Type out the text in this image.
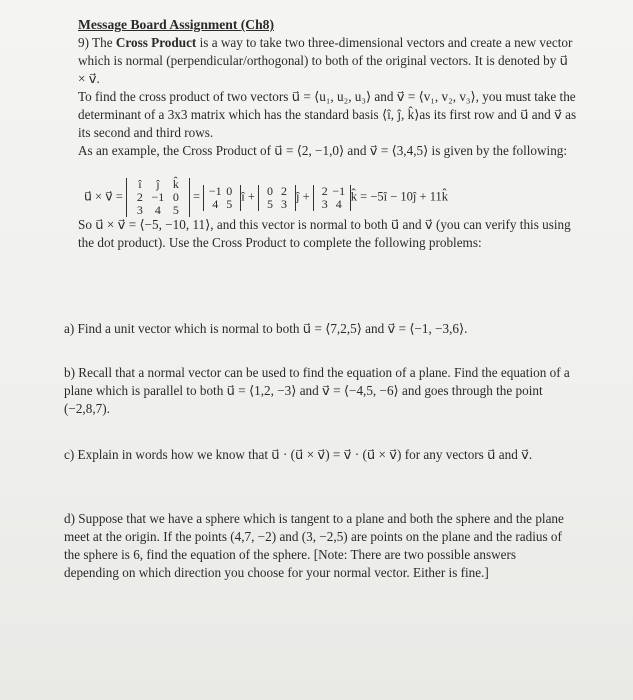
Message Board Assignment (Ch8)

9) The Cross Product is a way to take two three-dimensional vectors and create a new vector which is normal (perpendicular/orthogonal) to both of the original vectors. It is denoted by u⃗ × v⃗.

To find the cross product of two vectors u⃗ = ⟨u₁, u₂, u₃⟩ and v⃗ = ⟨v₁, v₂, v₃⟩, you must take the determinant of a 3x3 matrix which has the standard basis ⟨î, ĵ, k̂⟩as its first row and u⃗ and v⃗ as its second and third rows.

As an example, the Cross Product of u⃗ = ⟨2, −1,0⟩ and v⃗ = ⟨3,4,5⟩ is given by the following:

u⃗ × v⃗ = î ĵ k̂
2 −1 0
3 4 5 = −1 0
4 5î + 0 2
5 3ĵ + 2 −1
3 4k̂ = −5î − 10ĵ + 11k̂

So u⃗ × v⃗ = ⟨−5, −10, 11⟩, and this vector is normal to both u⃗ and v⃗ (you can verify this using the dot product). Use the Cross Product to complete the following problems:

a) Find a unit vector which is normal to both u⃗ = ⟨7,2,5⟩ and v⃗ = ⟨−1, −3,6⟩.
b) Recall that a normal vector can be used to find the equation of a plane. Find the equation of a plane which is parallel to both u⃗ = ⟨1,2, −3⟩ and v⃗ = ⟨−4,5, −6⟩ and goes through the point (−2,8,7).
c) Explain in words how we know that u⃗ · (u⃗ × v⃗) = v⃗ · (u⃗ × v⃗) for any vectors u⃗ and v⃗.
d) Suppose that we have a sphere which is tangent to a plane and both the sphere and the plane meet at the origin. If the points (4,7, −2) and (3, −2,5) are points on the plane and the radius of the sphere is 6, find the equation of the sphere. [Note: There are two possible answers depending on which direction you choose for your normal vector. Either is fine.]
